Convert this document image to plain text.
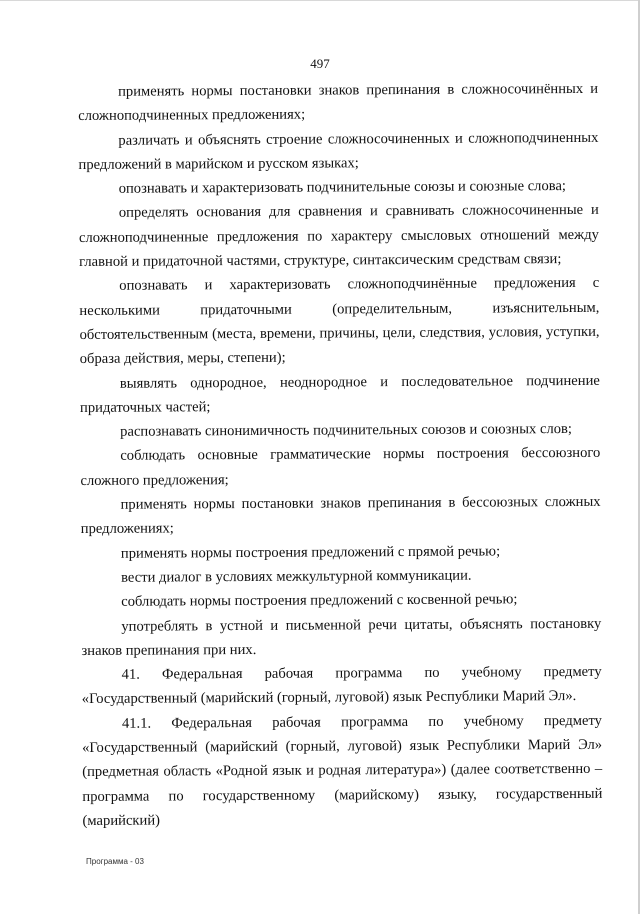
497

применять нормы постановки знаков препинания в сложносочинённых и сложноподчиненных предложениях;

различать и объяснять строение сложносочиненных и сложноподчиненных предложений в марийском и русском языках;

опознавать и характеризовать подчинительные союзы и союзные слова;

определять основания для сравнения и сравнивать сложносочиненные и сложноподчиненные предложения по характеру смысловых отношений между главной и придаточной частями, структуре, синтаксическим средствам связи;

опознавать и характеризовать сложноподчинённые предложения с несколькими придаточными (определительным, изъяснительным, обстоятельственным (места, времени, причины, цели, следствия, условия, уступки, образа действия, меры, степени);

выявлять однородное, неоднородное и последовательное подчинение придаточных частей;

распознавать синонимичность подчинительных союзов и союзных слов;

соблюдать основные грамматические нормы построения бессоюзного сложного предложения;

применять нормы постановки знаков препинания в бессоюзных сложных предложениях;

применять нормы построения предложений с прямой речью;

вести диалог в условиях межкультурной коммуникации.

соблюдать нормы построения предложений с косвенной речью;

употреблять в устной и письменной речи цитаты, объяснять постановку знаков препинания при них.

41. Федеральная рабочая программа по учебному предмету «Государственный (марийский (горный, луговой) язык Республики Марий Эл».

41.1. Федеральная рабочая программа по учебному предмету «Государственный (марийский (горный, луговой) язык Республики Марий Эл» (предметная область «Родной язык и родная литература») (далее соответственно – программа по государственному (марийскому) языку, государственный (марийский)

Программа - 03
